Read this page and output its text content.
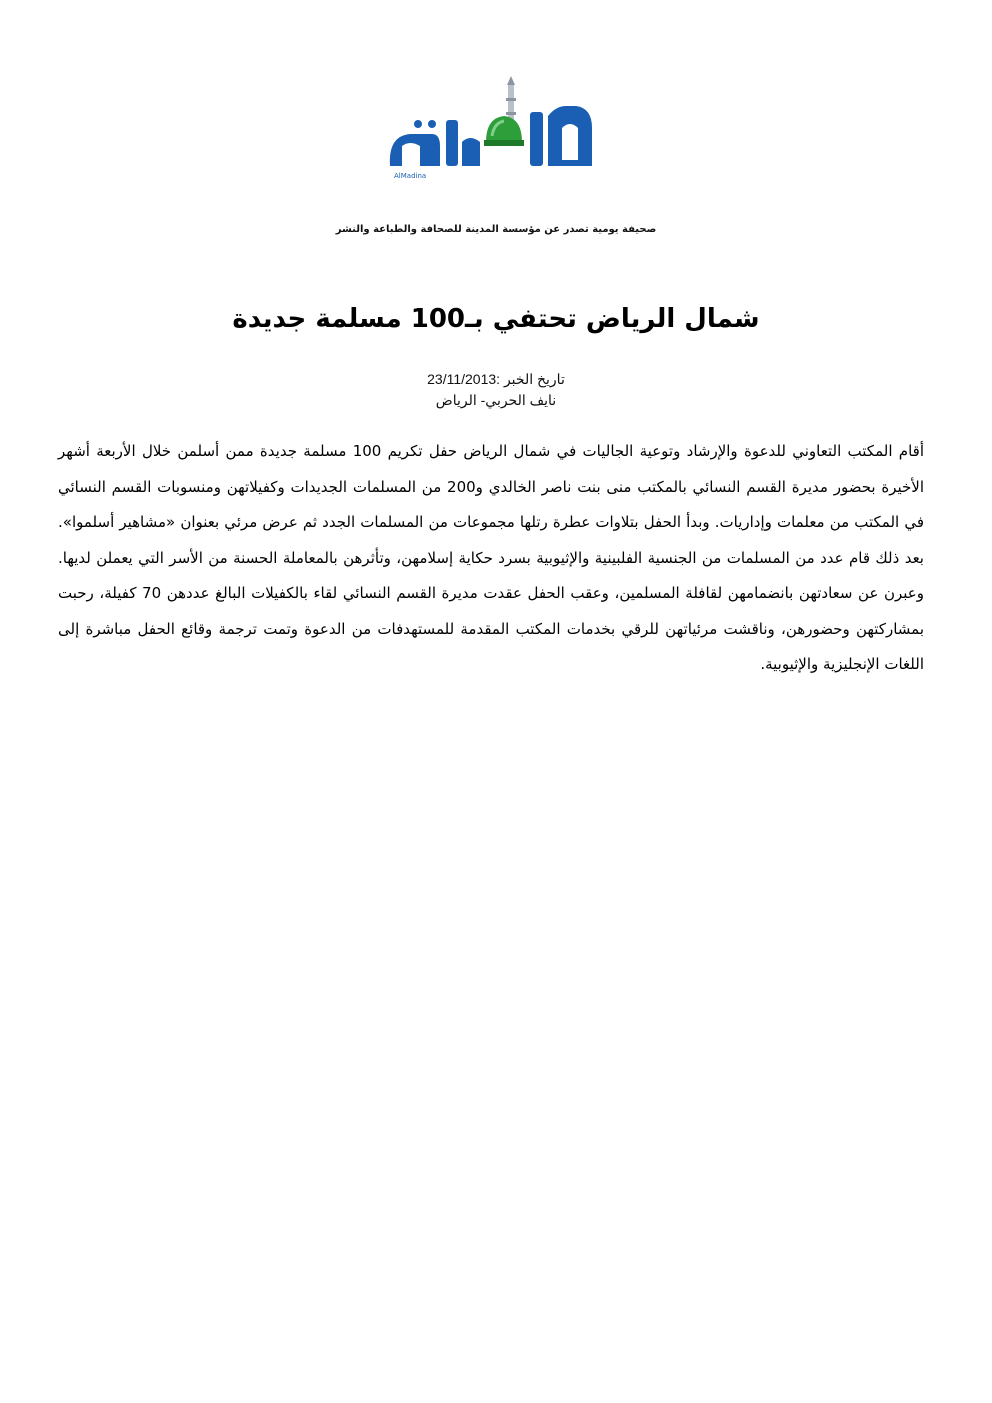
AlMadina
صحيفة يومية تصدر عن مؤسسة المدينة للصحافة والطباعة والنشر
شمال الرياض تحتفي بـ100 مسلمة جديدة
تاريخ الخبر :23/11/2013
نايف الحربي- الرياض
أقام المكتب التعاوني للدعوة والإرشاد وتوعية الجاليات في شمال الرياض حفل تكريم 100 مسلمة جديدة ممن أسلمن خلال الأربعة أشهر الأخيرة بحضور مديرة القسم النسائي بالمكتب منى بنت ناصر الخالدي و200 من المسلمات الجديدات وكفيلاتهن ومنسوبات القسم النسائي في المكتب من معلمات وإداريات. وبدأ الحفل بتلاوات عطرة رتلها مجموعات من المسلمات الجدد ثم عرض مرئي بعنوان «مشاهير أسلموا». بعد ذلك قام عدد من المسلمات من الجنسية الفلبينية والإثيوبية بسرد حكاية إسلامهن، وتأثرهن بالمعاملة الحسنة من الأسر التي يعملن لديها. وعبرن عن سعادتهن بانضمامهن لقافلة المسلمين، وعقب الحفل عقدت مديرة القسم النسائي لقاء بالكفيلات البالغ عددهن 70 كفيلة، رحبت بمشاركتهن وحضورهن، وناقشت مرئياتهن للرقي بخدمات المكتب المقدمة للمستهدفات من الدعوة وتمت ترجمة وقائع الحفل مباشرة إلى اللغات الإنجليزية والإثيوبية.
